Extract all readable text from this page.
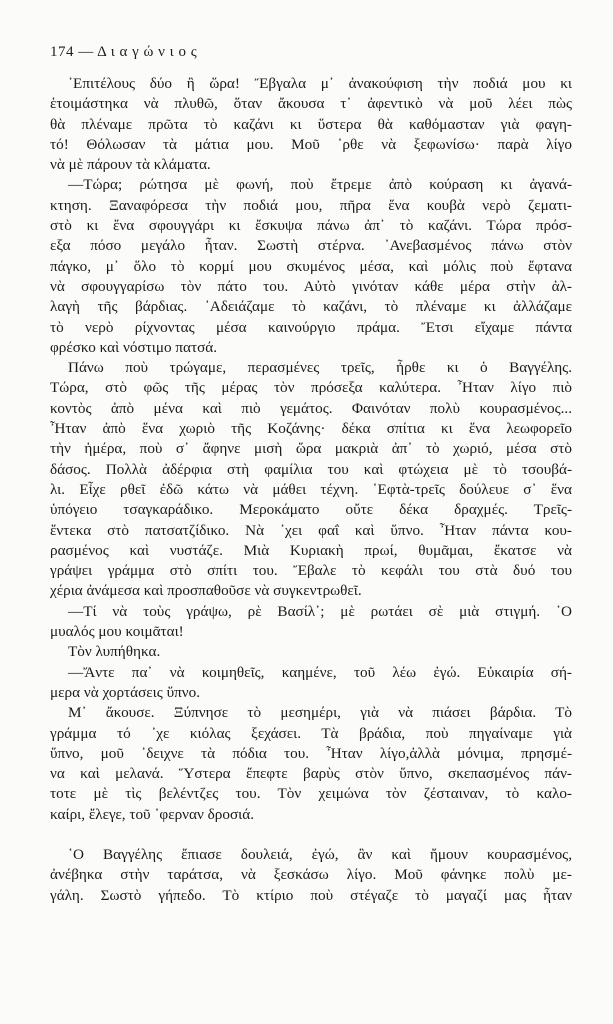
174 — Δ ι α γ ώ ν ι ο ς

᾽Επιτέλους δύο ἢ ὥρα! Ἔβγαλα μ᾽ ἀνακούφιση τὴν ποδιά μου κι

ἑτοιμάστηκα νὰ πλυθῶ, ὅταν ἄκουσα τ᾽ ἀφεντικὸ νὰ μοῦ λέει πὼς

θὰ πλέναμε πρῶτα τὸ καζάνι κι ὕστερα θὰ καθόμασταν γιὰ φαγη-

τό! Θόλωσαν τὰ μάτια μου. Μοῦ ᾽ρθε νὰ ξεφωνίσω· παρὰ λίγο

νὰ μὲ πάρουν τὰ κλάματα.

—Τώρα; ρώτησα μὲ φωνή, ποὺ ἔτρεμε ἀπὸ κούραση κι ἀγανά-

κτηση. Ξαναφόρεσα τὴν ποδιά μου, πῆρα ἕνα κουβὰ νερὸ ζεματι-

στὸ κι ἕνα σφουγγάρι κι ἔσκυψα πάνω ἀπ᾽ τὸ καζάνι. Τώρα πρόσ-

εξα πόσο μεγάλο ἦταν. Σωστὴ στέρνα. ᾽Ανεβασμένος πάνω στὸν

πάγκο, μ᾽ ὅλο τὸ κορμί μου σκυμένος μέσα, καὶ μόλις ποὺ ἔφτανα

νὰ σφουγγαρίσω τὸν πάτο του. Αὐτὸ γινόταν κάθε μέρα στὴν ἀλ-

λαγὴ τῆς βάρδιας. ᾽Αδειάζαμε τὸ καζάνι, τὸ πλέναμε κι ἀλλάζαμε

τὸ νερὸ ρίχνοντας μέσα καινούργιο πράμα. Ἔτσι εἴχαμε πάντα

φρέσκο καὶ νόστιμο πατσά.

Πάνω ποὺ τρώγαμε, περασμένες τρεῖς, ἦρθε κι ὁ Βαγγέλης.

Τώρα, στὸ φῶς τῆς μέρας τὸν πρόσεξα καλύτερα. Ἦταν λίγο πιὸ

κοντὸς ἀπὸ μένα καὶ πιὸ γεμάτος. Φαινόταν πολὺ κουρασμένος...

Ἦταν ἀπὸ ἕνα χωριὸ τῆς Κοζάνης· δέκα σπίτια κι ἕνα λεωφορεῖο

τὴν ἡμέρα, ποὺ σ᾽ ἄφηνε μισὴ ὥρα μακριὰ ἀπ᾽ τὸ χωριό, μέσα στὸ

δάσος. Πολλὰ ἀδέρφια στὴ φαμίλια του καὶ φτώχεια μὲ τὸ τσουβά-

λι. Εἶχε ρθεῖ ἐδῶ κάτω νὰ μάθει τέχνη. ῾Εφτὰ-τρεῖς δούλευε σ᾽ ἕνα

ὑπόγειο τσαγκαράδικο. Μεροκάματο οὔτε δέκα δραχμές. Τρεῖς-

ἕντεκα στὸ πατσατζίδικο. Νὰ ᾽χει φαΐ καὶ ὕπνο. Ἦταν πάντα κου-

ρασμένος καὶ νυστάζε. Μιὰ Κυριακὴ πρωί, θυμᾶμαι, ἔκατσε νὰ

γράψει γράμμα στὸ σπίτι του. Ἔβαλε τὸ κεφάλι του στὰ δυό του

χέρια ἀνάμεσα καὶ προσπαθοῦσε νὰ συγκεντρωθεῖ.

—Τί νὰ τοὺς γράψω, ρὲ Βασίλ᾽; μὲ ρωτάει σὲ μιὰ στιγμή. ῾Ο

μυαλός μου κοιμᾶται!

Τὸν λυπήθηκα.

—Ἄντε πα᾽ νὰ κοιμηθεῖς, καημένε, τοῦ λέω ἐγώ. Εὐκαιρία σή-

μερα νὰ χορτάσεις ὕπνο.

Μ᾽ ἄκουσε. Ξύπνησε τὸ μεσημέρι, γιὰ νὰ πιάσει βάρδια. Τὸ

γράμμα τό ᾽χε κιόλας ξεχάσει. Τὰ βράδια, ποὺ πηγαίναμε γιὰ

ὕπνο, μοῦ ᾽δειχνε τὰ πόδια του. Ἦταν λίγο,ἀλλὰ μόνιμα, πρησμέ-

να καὶ μελανά. Ὕστερα ἔπεφτε βαρὺς στὸν ὕπνο, σκεπασμένος πάν-

τοτε μὲ τὶς βελέντζες του. Τὸν χειμώνα τὸν ζέσταιναν, τὸ καλο-

καίρι, ἔλεγε, τοῦ ᾽φερναν δροσιά.

῾Ο Βαγγέλης ἔπιασε δουλειά, ἐγώ, ἂν καὶ ἤμουν κουρασμένος,

ἀνέβηκα στὴν ταράτσα, νὰ ξεσκάσω λίγο. Μοῦ φάνηκε πολὺ με-

γάλη. Σωστὸ γήπεδο. Τὸ κτίριο ποὺ στέγαζε τὸ μαγαζί μας ἦταν
